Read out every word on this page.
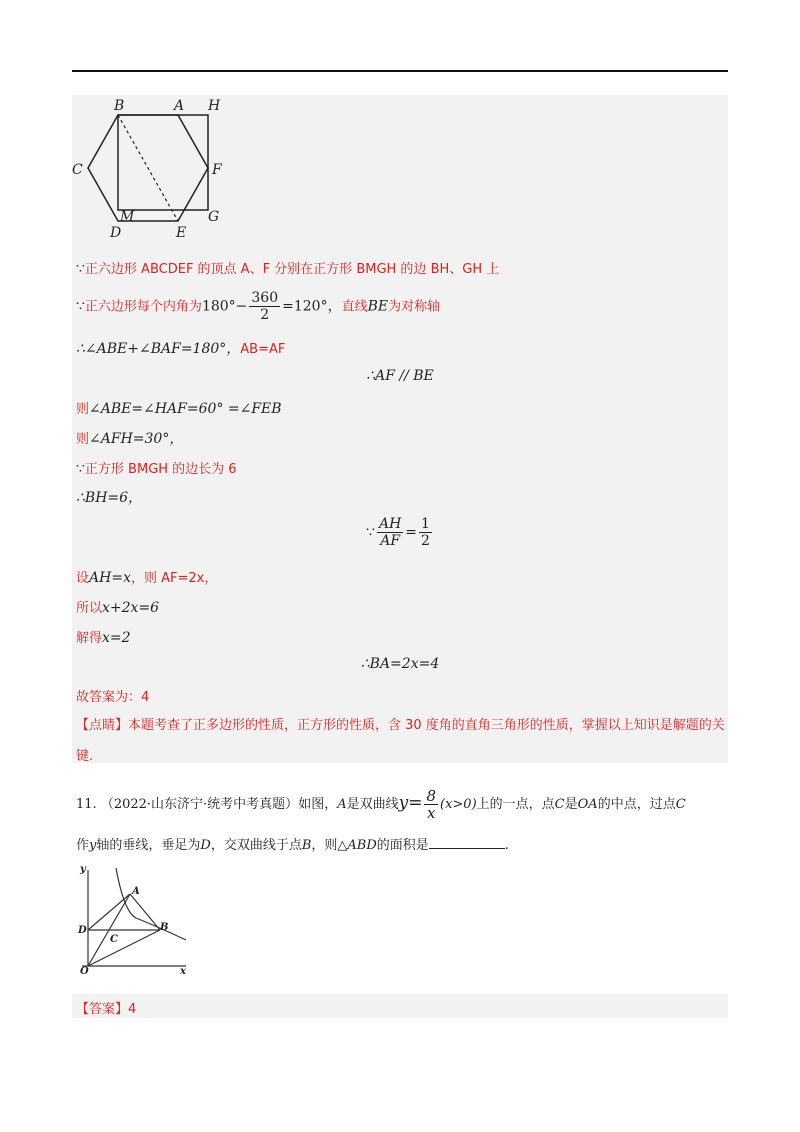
B	A H
C	F
M	G
D	E
∵正六边形 ABCDEF 的顶点 A、F 分别在正方形 BMGH 的边 BH、GH 上
∵正六边形每个内角为$180^\circ- \frac{360}{2} =120^\circ$，直线BE为对称轴
∴∠ABE+∠BAF=180°，AB=AF
∴AF // BE
则∠ABE=∠HAF=60° =∠FEB
则∠AFH=30°，
∵正方形 BMGH 的边长为 6
∴BH=6，
∵ $\frac{AH}{AF} = \frac{1}{2}$
设AH=x，则 AF=2x，
所以x+2x=6
解得x=2
∴BA=2x=4
故答案为：4
【点睛】本题考查了正多边形的性质，正方形的性质，含 30 度角的直角三角形的性质，掌握以上知识是解题的关键.
11. （2022·山东济宁·统考中考真题）如图，A是双曲线$y= \frac{8}{x} (x>0)$上的一点，点C是OA的中点，过点C
作y轴的垂线，垂足为D，交双曲线于点B，则△ABD的面积是	.
y
A
D
C
B
O	x
【答案】4
